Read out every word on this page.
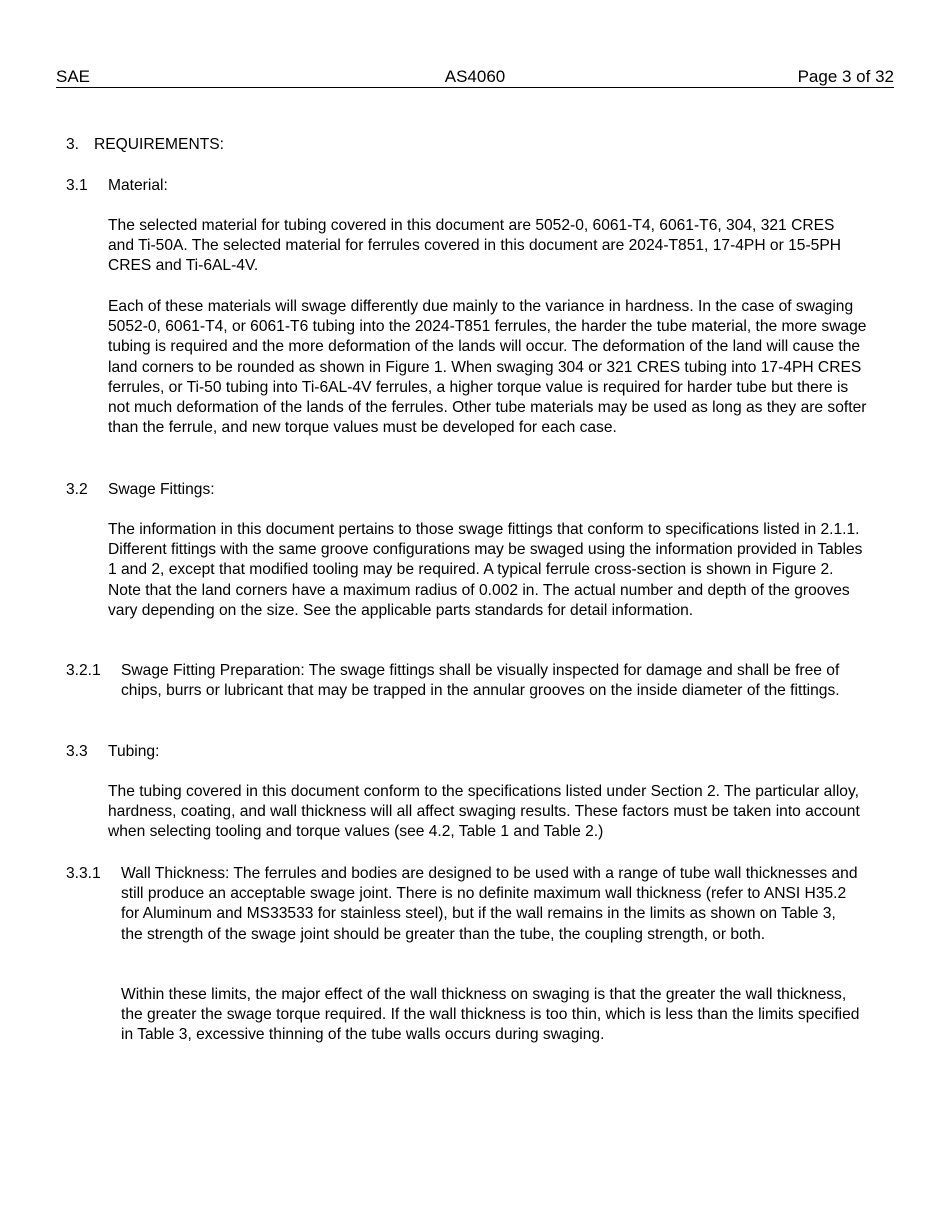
SAE	AS4060	Page 3 of 32
3. REQUIREMENTS:
3.1 Material:

The selected material for tubing covered in this document are 5052-0, 6061-T4, 6061-T6, 304, 321 CRES and Ti-50A. The selected material for ferrules covered in this document are 2024-T851, 17-4PH or 15-5PH CRES and Ti-6AL-4V.

Each of these materials will swage differently due mainly to the variance in hardness. In the case of swaging 5052-0, 6061-T4, or 6061-T6 tubing into the 2024-T851 ferrules, the harder the tube material, the more swage tubing is required and the more deformation of the lands will occur. The deformation of the land will cause the land corners to be rounded as shown in Figure 1. When swaging 304 or 321 CRES tubing into 17-4PH CRES ferrules, or Ti-50 tubing into Ti-6AL-4V ferrules, a higher torque value is required for harder tube but there is not much deformation of the lands of the ferrules. Other tube materials may be used as long as they are softer than the ferrule, and new torque values must be developed for each case.

3.2 Swage Fittings:

The information in this document pertains to those swage fittings that conform to specifications listed in 2.1.1. Different fittings with the same groove configurations may be swaged using the information provided in Tables 1 and 2, except that modified tooling may be required. A typical ferrule cross-section is shown in Figure 2. Note that the land corners have a maximum radius of 0.002 in. The actual number and depth of the grooves vary depending on the size. See the applicable parts standards for detail information.

3.2.1 Swage Fitting Preparation: The swage fittings shall be visually inspected for damage and shall be free of chips, burrs or lubricant that may be trapped in the annular grooves on the inside diameter of the fittings.

3.3 Tubing:

The tubing covered in this document conform to the specifications listed under Section 2. The particular alloy, hardness, coating, and wall thickness will all affect swaging results. These factors must be taken into account when selecting tooling and torque values (see 4.2, Table 1 and Table 2.)

3.3.1 Wall Thickness: The ferrules and bodies are designed to be used with a range of tube wall thicknesses and still produce an acceptable swage joint. There is no definite maximum wall thickness (refer to ANSI H35.2 for Aluminum and MS33533 for stainless steel), but if the wall remains in the limits as shown on Table 3, the strength of the swage joint should be greater than the tube, the coupling strength, or both.

Within these limits, the major effect of the wall thickness on swaging is that the greater the wall thickness, the greater the swage torque required. If the wall thickness is too thin, which is less than the limits specified in Table 3, excessive thinning of the tube walls occurs during swaging.
